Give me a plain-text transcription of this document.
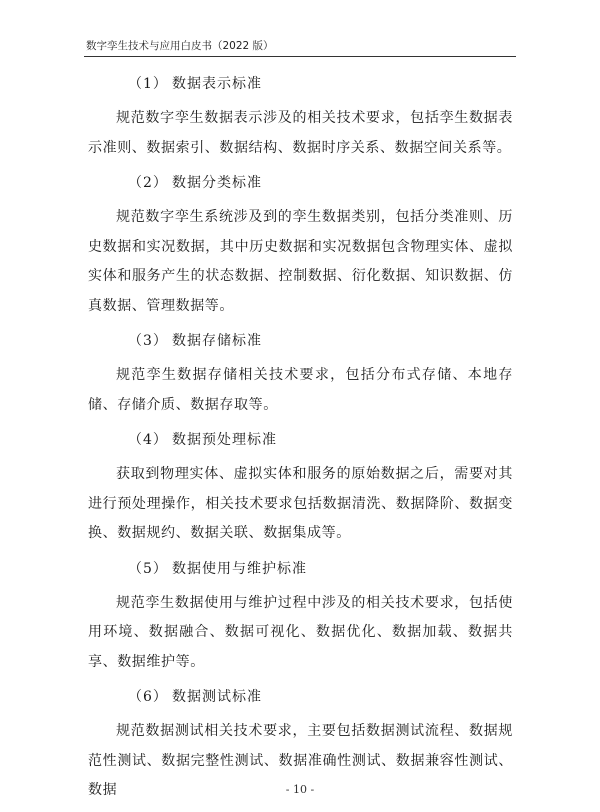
数字孪生技术与应用白皮书（2022 版）
（1） 数据表示标准

规范数字孪生数据表示涉及的相关技术要求，包括孪生数据表示准则、数据索引、数据结构、数据时序关系、数据空间关系等。

（2） 数据分类标准

规范数字孪生系统涉及到的孪生数据类别，包括分类准则、历史数据和实况数据，其中历史数据和实况数据包含物理实体、虚拟实体和服务产生的状态数据、控制数据、衍化数据、知识数据、仿真数据、管理数据等。

（3） 数据存储标准

规范孪生数据存储相关技术要求，包括分布式存储、本地存储、存储介质、数据存取等。

（4） 数据预处理标准

获取到物理实体、虚拟实体和服务的原始数据之后，需要对其进行预处理操作，相关技术要求包括数据清洗、数据降阶、数据变换、数据规约、数据关联、数据集成等。

（5） 数据使用与维护标准

规范孪生数据使用与维护过程中涉及的相关技术要求，包括使用环境、数据融合、数据可视化、数据优化、数据加载、数据共享、数据维护等。

（6） 数据测试标准

规范数据测试相关技术要求，主要包括数据测试流程、数据规范性测试、数据完整性测试、数据准确性测试、数据兼容性测试、数据	- 10 -
